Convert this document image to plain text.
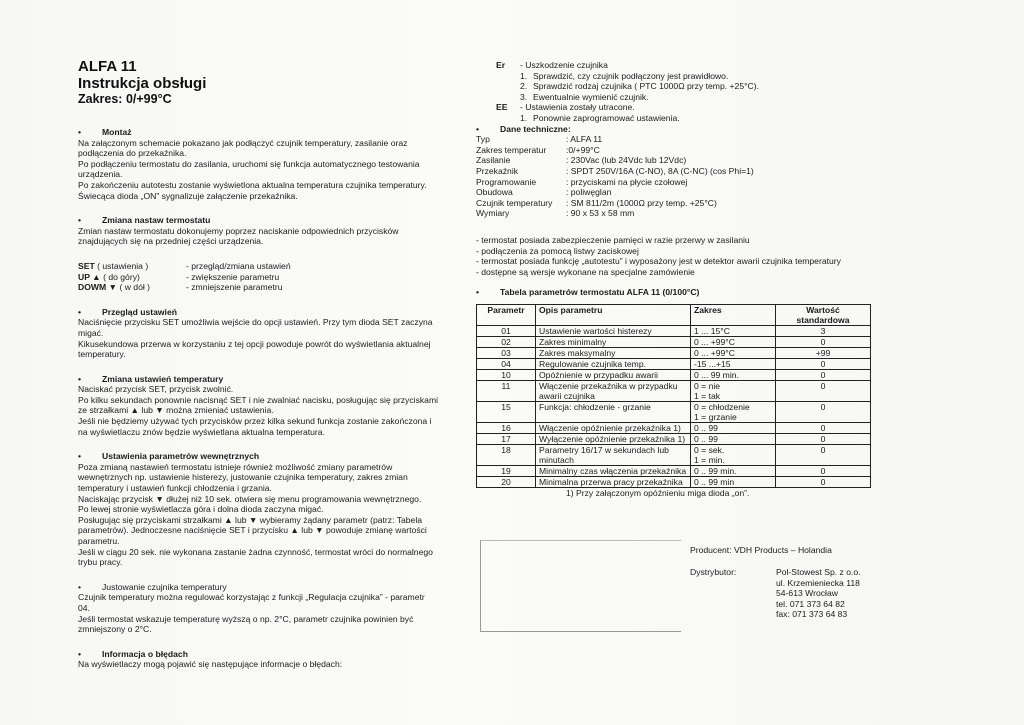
ALFA 11
Instrukcja obsługi
Zakres: 0/+99°C
•	Montaż
Na załączonym schemacie pokazano jak podłączyć czujnik temperatury, zasilanie oraz podłączenia do przekaźnika.
Po podłączeniu termostatu do zasilania, uruchomi się funkcja automatycznego testowania urządzenia.
Po zakończeniu autotestu zostanie wyświetlona aktualna temperatura czujnika temperatury. Świecąca dioda „ON” sygnalizuje załączenie przekaźnika.
•	Zmiana nastaw termostatu
Zmian nastaw termostatu dokonujemy poprzez naciskanie odpowiednich przycisków znajdujących się na przedniej części urządzenia.
SET ( ustawienia )	- przegląd/zmiana ustawień
UP ▲ ( do góry)	- zwiększenie parametru
DOWM ▼ ( w dół )	- zmniejszenie parametru
•	Przegląd ustawień
Naciśnięcie przycisku SET umożliwia wejście do opcji ustawień. Przy tym dioda SET zaczyna migać.
Kikusekundowa przerwa w korzystaniu z tej opcji powoduje powrót do wyświetlania aktualnej temperatury.
•	Zmiana ustawień temperatury
Naciskać przycisk SET, przycisk zwolnić.
Po kilku sekundach ponownie nacisnąć SET i nie zwalniać nacisku, posługując się przyciskami ze strzałkami ▲ lub ▼ można zmieniać ustawienia.
Jeśli nie będziemy używać tych przycisków przez kilka sekund funkcja zostanie zakończona i na wyświetlaczu znów będzie wyświetlana aktualna temperatura.
•	Ustawienia parametrów wewnętrznych
Poza zmianą nastawień termostatu istnieje również możliwość zmiany parametrów wewnętrznych np. ustawienie histerezy, justowanie czujnika temperatury, zakres zmian temperatury i ustawień funkcji chłodzenia i grzania.
Naciskając przycisk ▼ dłużej niż 10 sek. otwiera się menu programowania wewnętrznego.
Po lewej stronie wyświetlacza góra i dolna dioda zaczyna migać.
Posługując się przyciskami strzałkami ▲ lub ▼ wybieramy żądany parametr (patrz: Tabela parametrów). Jednoczesne naciśnięcie SET i przycisku ▲ lub ▼ powoduje zmianę wartości parametru.
Jeśli w ciągu 20 sek. nie wykonana zastanie żadna czynność, termostat wróci do normalnego trybu pracy.
•	Justowanie czujnika temperatury
Czujnik temperatury można regulować korzystając z funkcji „Regulacja czujnika” - parametr 04.
Jeśli termostat wskazuje temperaturę wyższą o np. 2°C, parametr czujnika powinien być zmniejszony o 2°C.
•	Informacja o błędach
Na wyświetlaczy mogą pojawić się następujące informacje o błędach:
Er	- Uszkodzenie czujnika
1. Sprawdzić, czy czujnik podłączony jest prawidłowo.
2. Sprawdzić rodzaj czujnika ( PTC 1000Ω przy temp. +25°C).
3. Ewentualnie wymienić czujnik.
EE	- Ustawienia zostały utracone.
1. Ponownie zaprogramować ustawienia.
•	Dane techniczne:
Typ	: ALFA 11
Zakres temperatur	:0/+99°C
Zasilanie	: 230Vac (lub 24Vdc lub 12Vdc)
Przekaźnik	: SPDT 250V/16A (C-NO), 8A (C-NC) (cos Phi=1)
Programowanie	: przyciskami na płycie czołowej
Obudowa	: poliwęglan
Czujnik temperatury	: SM 811/2m (1000Ω przy temp. +25°C)
Wymiary	: 90 x 53 x 58 mm
- termostat posiada zabezpieczenie pamięci w razie przerwy w zasilaniu
- podłączenia za pomocą listwy zaciskowej
- termostat posiada funkcję „autotestu” i wyposażony jest w detektor awarii czujnika temperatury
- dostępne są wersje wykonane na specjalne zamówienie
•	Tabela parametrów termostatu ALFA 11 (0/100°C)
Parametr	Opis parametru	Zakres	Wartość standardowa
01	Ustawienie wartości histerezy	1 ... 15°C	3
02	Zakres minimalny	0 ... +99°C	0
03	Zakres maksymalny	0 ... +99°C	+99
04	Regulowanie czujnika temp.	-15 ...+15	0
10	Opóźnienie w przypadku awarii	0 ... 99 min.	0
11	Włączenie przekaźnika w przypadku awarii czujnika	0 = nie
1 = tak	0
15	Funkcja: chłodzenie - grzanie	0 = chłodzenie
1 = grzanie	0
16	Włączenie opóźnienie przekaźnika 1)	0 .. 99	0
17	Wyłączenie opóźnienie przekaźnika 1)	0 .. 99	0
18	Parametry 16/17 w sekundach lub minutach	0 = sek.
1 = min.	0
19	Minimalny czas włączenia przekaźnika	0 .. 99 min.	0
20	Minimalna przerwa pracy przekaźnika	0 .. 99 min	0
1) Przy załączonym opóźnieniu miga dioda „on”.
Producent: VDH Products – Holandia
Dystrybutor:	Pol-Stowest Sp. z o.o.
ul. Krzemieniecka 118
54-613 Wrocław
tel. 071 373 64 82
fax: 071 373 64 83
